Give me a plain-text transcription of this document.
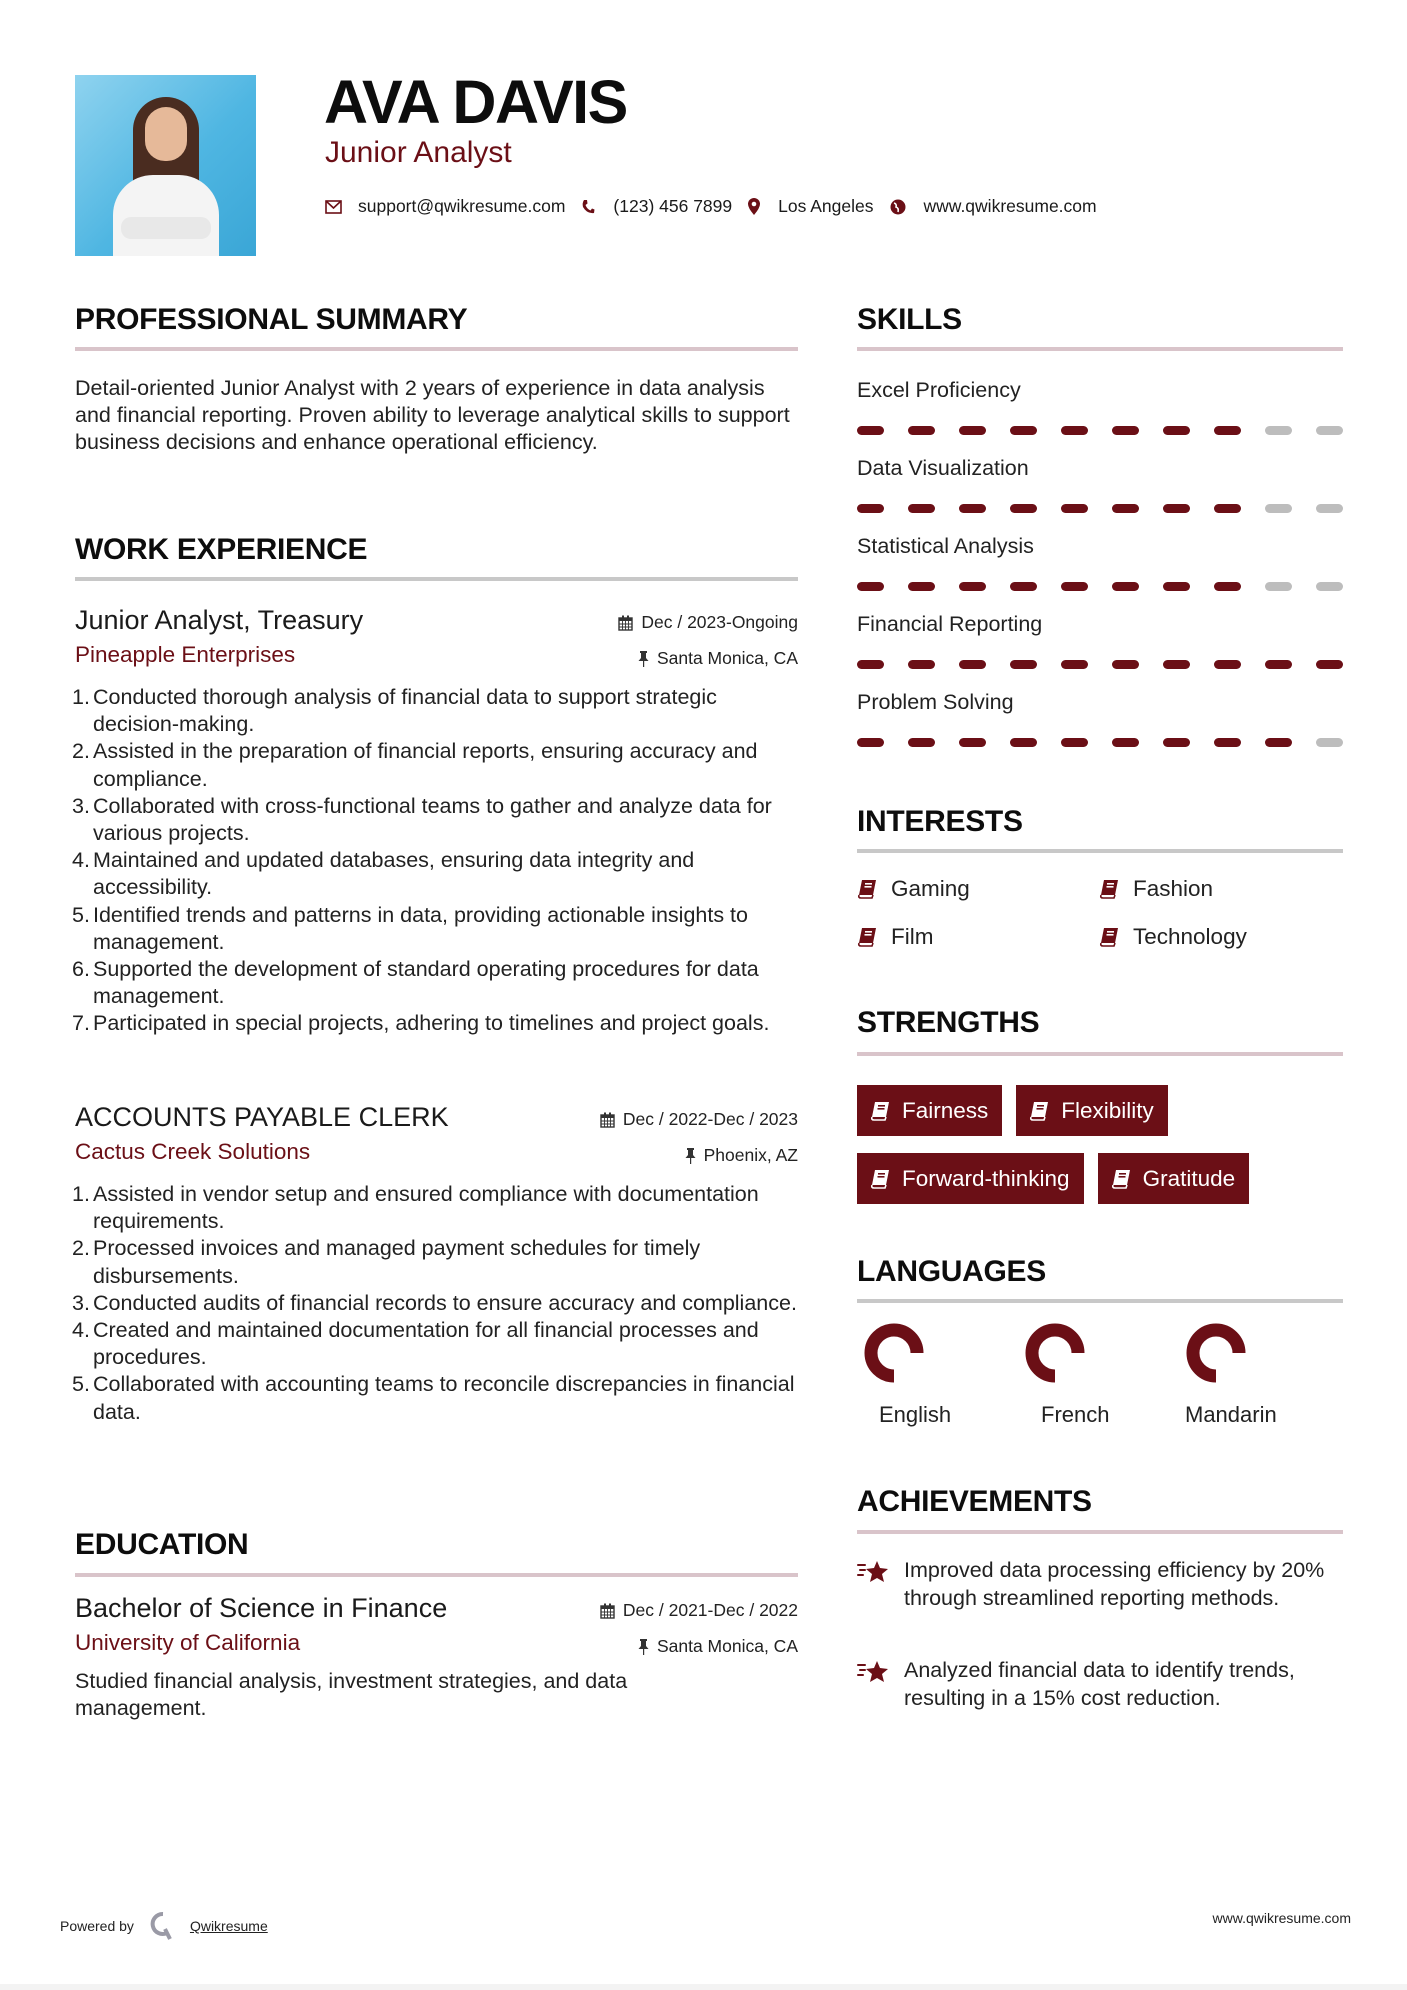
AVA DAVIS
Junior Analyst
support@qwikresume.com	(123) 456 7899	Los Angeles	www.qwikresume.com
PROFESSIONAL SUMMARY
Detail-oriented Junior Analyst with 2 years of experience in data analysis and financial reporting. Proven ability to leverage analytical skills to support business decisions and enhance operational efficiency.
WORK EXPERIENCE
Junior Analyst, Treasury
Pineapple Enterprises
Dec / 2023-Ongoing
Santa Monica, CA
1. Conducted thorough analysis of financial data to support strategic decision-making.
2. Assisted in the preparation of financial reports, ensuring accuracy and compliance.
3. Collaborated with cross-functional teams to gather and analyze data for various projects.
4. Maintained and updated databases, ensuring data integrity and accessibility.
5. Identified trends and patterns in data, providing actionable insights to management.
6. Supported the development of standard operating procedures for data management.
7. Participated in special projects, adhering to timelines and project goals.
ACCOUNTS PAYABLE CLERK
Cactus Creek Solutions
Dec / 2022-Dec / 2023
Phoenix, AZ
1. Assisted in vendor setup and ensured compliance with documentation requirements.
2. Processed invoices and managed payment schedules for timely disbursements.
3. Conducted audits of financial records to ensure accuracy and compliance.
4. Created and maintained documentation for all financial processes and procedures.
5. Collaborated with accounting teams to reconcile discrepancies in financial data.
EDUCATION
Bachelor of Science in Finance
University of California
Dec / 2021-Dec / 2022
Santa Monica, CA
Studied financial analysis, investment strategies, and data management.
SKILLS
Excel Proficiency
Data Visualization
Statistical Analysis
Financial Reporting
Problem Solving
INTERESTS
Gaming	Fashion
Film	Technology
STRENGTHS
Fairness	Flexibility
Forward-thinking	Gratitude
LANGUAGES
English	French	Mandarin
ACHIEVEMENTS
Improved data processing efficiency by 20% through streamlined reporting methods.
Analyzed financial data to identify trends, resulting in a 15% cost reduction.
Powered by	Qwikresume	www.qwikresume.com
